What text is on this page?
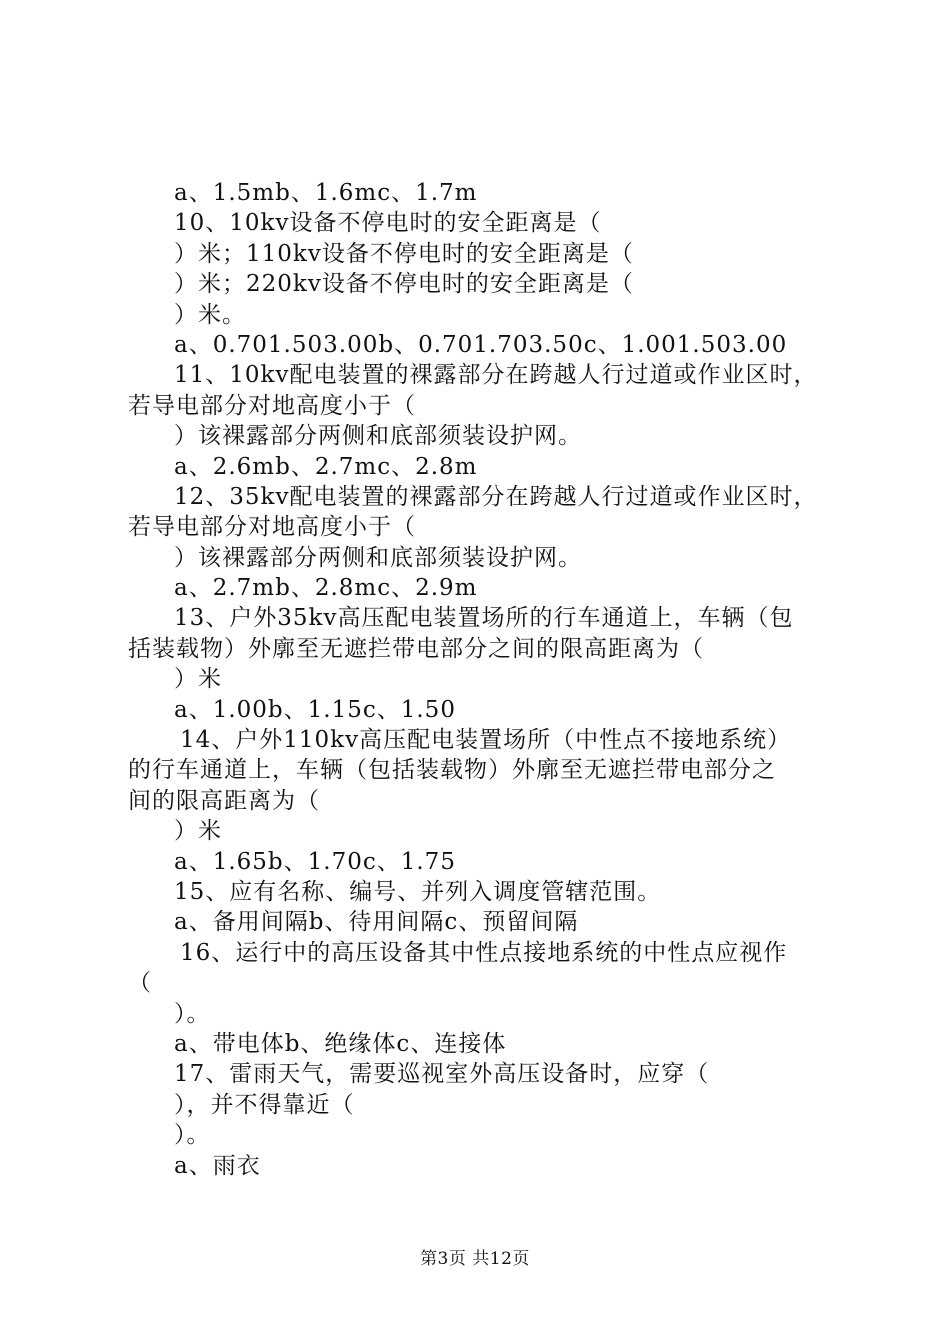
a、1.5mb、1.6mc、1.7m
10、10kv设备不停电时的安全距离是（
）米；110kv设备不停电时的安全距离是（
）米；220kv设备不停电时的安全距离是（
）米。
a、0.701.503.00b、0.701.703.50c、1.001.503.00
11、10kv配电装置的裸露部分在跨越人行过道或作业区时，
若导电部分对地高度小于（
）该裸露部分两侧和底部须装设护网。
a、2.6mb、2.7mc、2.8m
12、35kv配电装置的裸露部分在跨越人行过道或作业区时，
若导电部分对地高度小于（
）该裸露部分两侧和底部须装设护网。
a、2.7mb、2.8mc、2.9m
13、户外35kv高压配电装置场所的行车通道上，车辆（包
括装载物）外廓至无遮拦带电部分之间的限高距离为（
）米
a、1.00b、1.15c、1.50
14、户外110kv高压配电装置场所（中性点不接地系统）
的行车通道上，车辆（包括装载物）外廓至无遮拦带电部分之
间的限高距离为（
）米
a、1.65b、1.70c、1.75
15、应有名称、编号、并列入调度管辖范围。
a、备用间隔b、待用间隔c、预留间隔
16、运行中的高压设备其中性点接地系统的中性点应视作
（
）。
a、带电体b、绝缘体c、连接体
17、雷雨天气，需要巡视室外高压设备时，应穿（
），并不得靠近（
）。
a、雨衣
第3页 共12页
